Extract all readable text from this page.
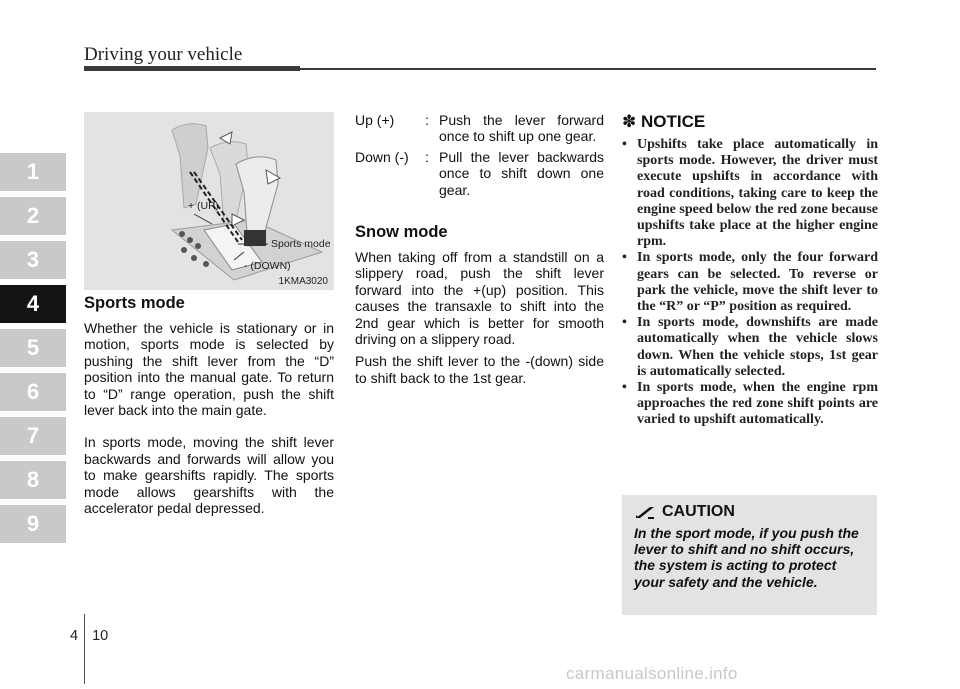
Driving your vehicle
1
2
3
4
5
6
7
8
9
+ (UP)
Sports mode
- (DOWN)
1KMA3020
Sports mode

Whether the vehicle is stationary or in motion, sports mode is selected by pushing the shift lever from the “D” position into the manual gate. To return to “D” range operation, push the shift lever back into the main gate.

In sports mode, moving the shift lever backwards and forwards will allow you to make gearshifts rapidly. The sports mode allows gearshifts with the accelerator pedal depressed.

Up (+)	: Push the lever forward once to shift up one gear.
Down (-)	: Pull the lever backwards once to shift down one gear.
Snow mode

When taking off from a standstill on a slippery road, push the shift lever forward into the +(up) position. This causes the transaxle to shift into the 2nd gear which is better for smooth driving on a slippery road.

Push the shift lever to the -(down) side to shift back to the 1st gear.

✽ NOTICE
• Upshifts take place automatically in sports mode. However, the driver must execute upshifts in accordance with road conditions, taking care to keep the engine speed below the red zone because upshifts take place at the higher engine rpm.
• In sports mode, only the four forward gears can be selected. To reverse or park the vehicle, move the shift lever to the “R” or “P” position as required.
• In sports mode, downshifts are made automatically when the vehicle slows down. When the vehicle stops, 1st gear is automatically selected.
• In sports mode, when the engine rpm approaches the red zone shift points are varied to upshift automatically.
CAUTION

In the sport mode, if you push the lever to shift and no shift occurs, the system is acting to protect your safety and the vehicle.

4 10
carmanualsonline.info
